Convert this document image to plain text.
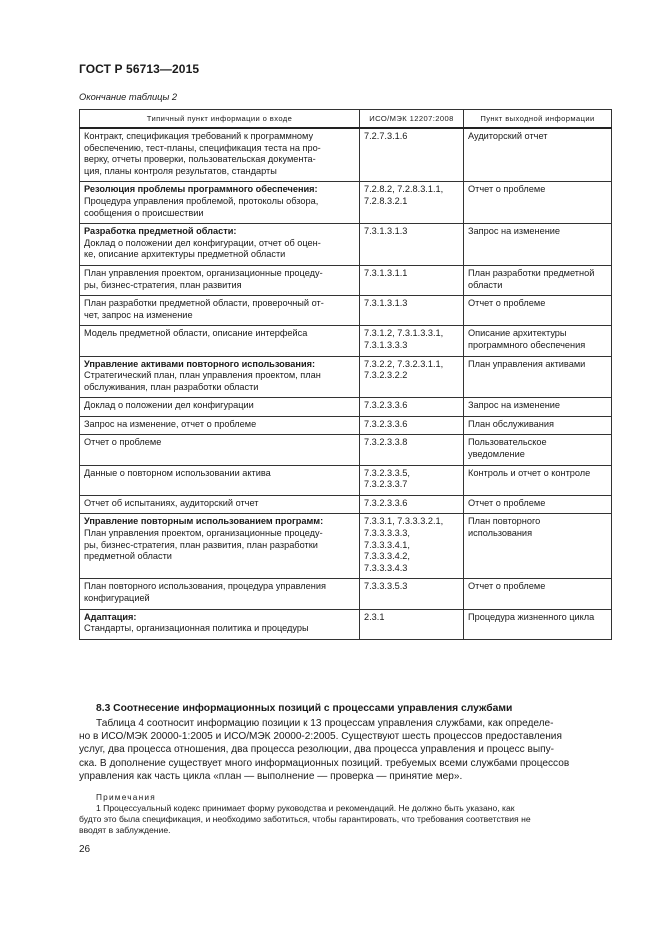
ГОСТ Р 56713—2015
Окончание таблицы 2
Типичный пункт информации о входе	ИСО/МЭК 12207:2008	Пункт выходной информации

Контракт, спецификация требований к программному
обеспечению, тест-планы, спецификация теста на про-
верку, отчеты проверки, пользовательская документа-
ция, планы контроля результатов, стандарты	7.2.7.3.1.6	Аудиторский отчет

Резолюция проблемы программного обеспечения:
Процедура управления проблемой, протоколы обзора,
сообщения о происшествии	7.2.8.2, 7.2.8.3.1.1,
7.2.8.3.2.1	Отчет о проблеме

Разработка предметной области:
Доклад о положении дел конфигурации, отчет об оцен-
ке, описание архитектуры предметной области	7.3.1.3.1.3	Запрос на изменение

План управления проектом, организационные процеду-
ры, бизнес-стратегия, план развития	7.3.1.3.1.1	План разработки предметной
области

План разработки предметной области, проверочный от-
чет, запрос на изменение	7.3.1.3.1.3	Отчет о проблеме

Модель предметной области, описание интерфейса	7.3.1.2, 7.3.1.3.3.1,
7.3.1.3.3.3	Описание архитектуры
программного обеспечения

Управление активами повторного использования:
Стратегический план, план управления проектом, план
обслуживания, план разработки области	7.3.2.2, 7.3.2.3.1.1,
7.3.2.3.2.2	План управления активами

Доклад о положении дел конфигурации	7.3.2.3.3.6	Запрос на изменение

Запрос на изменение, отчет о проблеме	7.3.2.3.3.6	План обслуживания

Отчет о проблеме	7.3.2.3.3.8	Пользовательское
уведомление

Данные о повторном использовании актива	7.3.2.3.3.5,
7.3.2.3.3.7	Контроль и отчет о контроле

Отчет об испытаниях, аудиторский отчет	7.3.2.3.3.6	Отчет о проблеме

Управление повторным использованием программ:
План управления проектом, организационные процеду-
ры, бизнес-стратегия, план развития, план разработки
предметной области	7.3.3.1, 7.3.3.3.2.1,
7.3.3.3.3.3,
7.3.3.3.4.1,
7.3.3.3.4.2,
7.3.3.3.4.3	План повторного
использования

План повторного использования, процедура управления
конфигурацией	7.3.3.3.5.3	Отчет о проблеме

Адаптация:
Стандарты, организационная политика и процедуры	2.3.1	Процедура жизненного цикла
8.3 Соотнесение информационных позиций с процессами управления службами

Таблица 4 соотносит информацию позиции к 13 процессам управления службами, как определе-

но в ИСО/МЭК 20000-1:2005 и ИСО/МЭК 20000-2:2005. Существуют шесть процессов предоставления

услуг, два процесса отношения, два процесса резолюции, два процесса управления и процесс выпу-

ска. В дополнение существует много информационных позиций. требуемых всеми службами процессов

управления как часть цикла «план — выполнение — проверка — принятие мер».

Примечания

1 Процессуальный кодекс принимает форму руководства и рекомендаций. Не должно быть указано, как

будто это была спецификация, и необходимо заботиться, чтобы гарантировать, что требования соответствия не

вводят в заблуждение.

26
